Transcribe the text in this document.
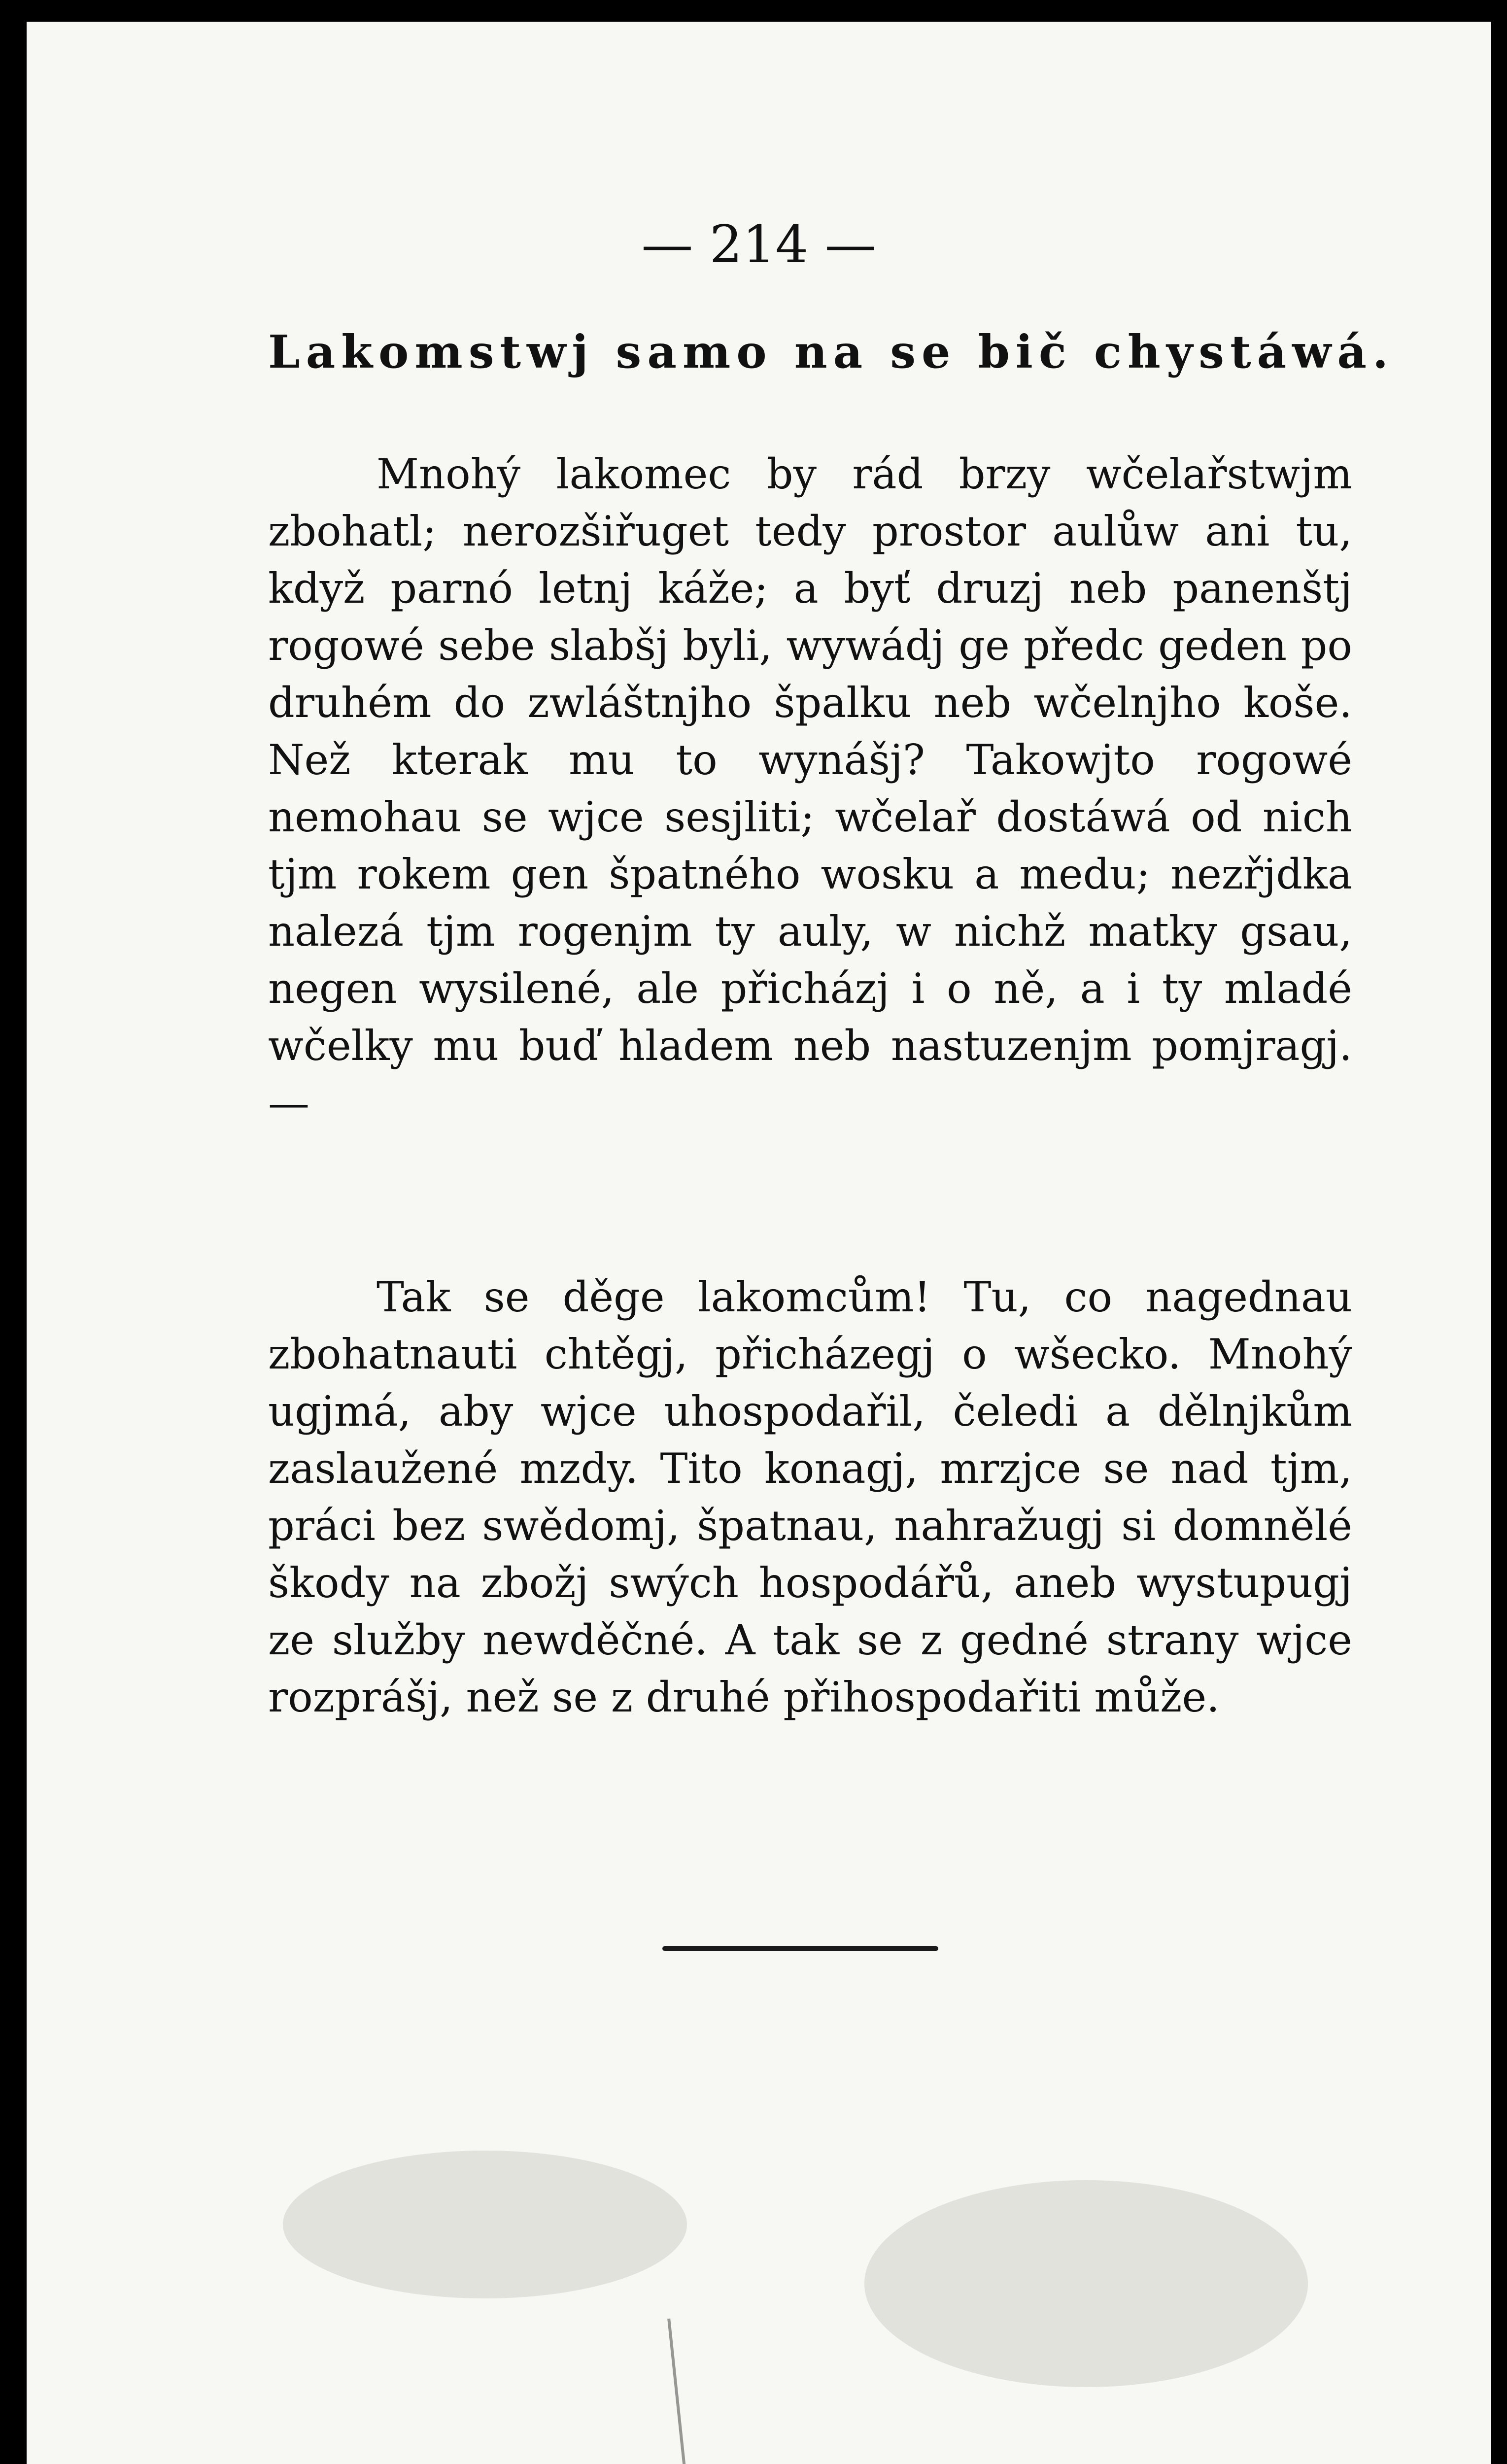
— 214 —
Lakomstwj samo na se bič chystáwá.

Mnohý lakomec by rád brzy wčelařstwjm zbohatl; nerozšiřuget tedy prostor aulůw ani tu, když parnó letnj káže; a byť druzj neb panenštj rogowé sebe slabšj byli, wywádj ge předc geden po druhém do zwláštnjho špalku neb wčelnjho koše. Než kterak mu to wynášj? Takowjto rogowé nemohau se wjce sesjliti; wčelař dostáwá od nich tjm rokem gen špatného wosku a medu; nezřjdka nalezá tjm rogenjm ty auly, w nichž matky gsau, negen wysilené, ale přicházj i o ně, a i ty mladé wčelky mu buď hladem neb nastuzenjm pomjragj. —

Tak se děge lakomcům! Tu, co nagednau zbohatnauti chtěgj, přicházegj o wšecko. Mnohý ugjmá, aby wjce uhospodařil, čeledi a dělnjkům zaslaužené mzdy. Tito konagj, mrzjce se nad tjm, práci bez swědomj, špatnau, nahražugj si domnělé škody na zbožj swých hospodářů, aneb wystupugj ze služby newděčné. A tak se z gedné strany wjce rozprášj, než se z druhé přihospodařiti může.
